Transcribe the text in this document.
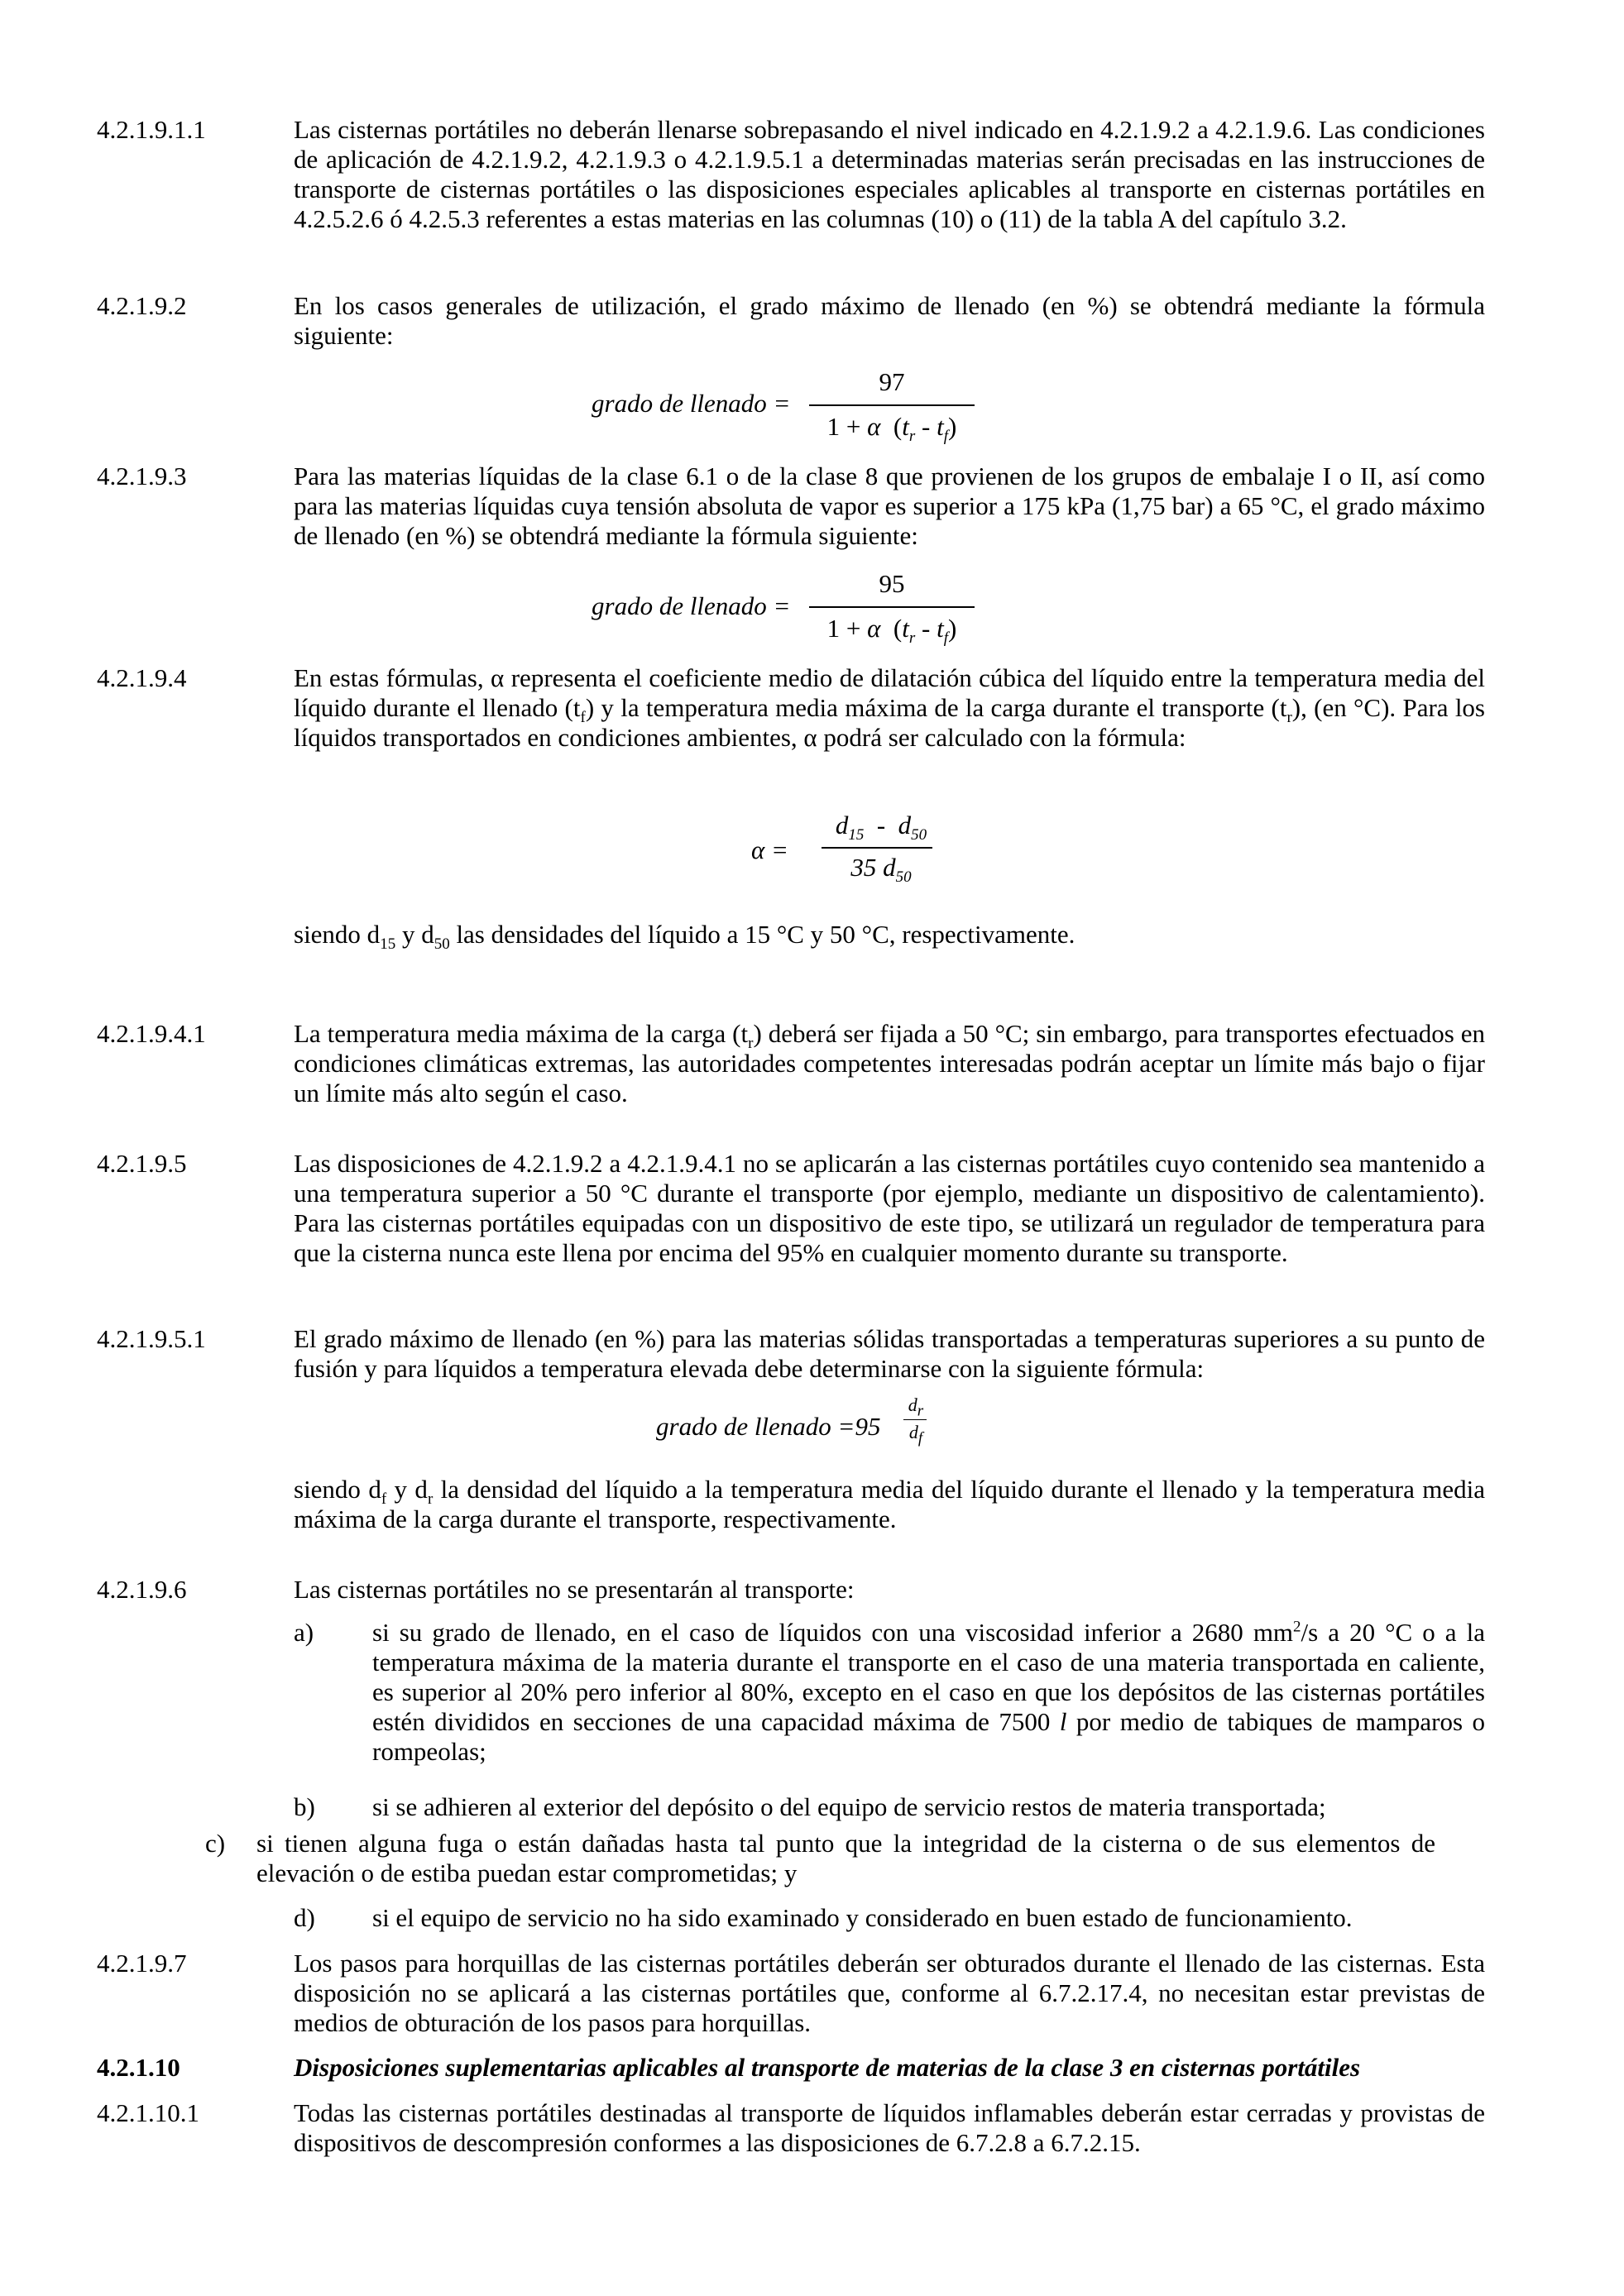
4.2.1.9.1.1	Las cisternas portátiles no deberán llenarse sobrepasando el nivel indicado en 4.2.1.9.2 a 4.2.1.9.6. Las condiciones de aplicación de 4.2.1.9.2, 4.2.1.9.3 o 4.2.1.9.5.1 a determinadas materias serán precisadas en las instrucciones de transporte de cisternas portátiles o las disposiciones especiales aplicables al transporte en cisternas portátiles en 4.2.5.2.6 ó 4.2.5.3 referentes a estas materias en las columnas (10) o (11) de la tabla A del capítulo 3.2.
4.2.1.9.2	En los casos generales de utilización, el grado máximo de llenado (en %) se obtendrá mediante la fórmula siguiente:
grado de llenado =
97
1 + α  $(t_r - t_f)$
4.2.1.9.3	Para las materias líquidas de la clase 6.1 o de la clase 8 que provienen de los grupos de embalaje I o II, así como para las materias líquidas cuya tensión absoluta de vapor es superior a 175 kPa (1,75 bar) a 65 °C, el grado máximo de llenado (en %) se obtendrá mediante la fórmula siguiente:
grado de llenado =
95
1 + α  $(t_r - t_f)$
4.2.1.9.4	En estas fórmulas, α representa el coeficiente medio de dilatación cúbica del líquido entre la temperatura media del líquido durante el llenado $(t_f)$ y la temperatura media máxima de la carga durante el transporte $(t_r)$, (en °C). Para los líquidos transportados en condiciones ambientes, α podrá ser calculado con la fórmula:
α =
$d_{15} - d_{50}$
35 $d_{50}$
siendo $d_{15}$ y $d_{50}$ las densidades del líquido a 15 °C y 50 °C, respectivamente.
4.2.1.9.4.1	La temperatura media máxima de la carga $(t_r)$ deberá ser fijada a 50 °C; sin embargo, para transportes efectuados en condiciones climáticas extremas, las autoridades competentes interesadas podrán aceptar un límite más bajo o fijar un límite más alto según el caso.
4.2.1.9.5	Las disposiciones de 4.2.1.9.2 a 4.2.1.9.4.1 no se aplicarán a las cisternas portátiles cuyo contenido sea mantenido a una temperatura superior a 50 °C durante el transporte (por ejemplo, mediante un dispositivo de calentamiento). Para las cisternas portátiles equipadas con un dispositivo de este tipo, se utilizará un regulador de temperatura para que la cisterna nunca este llena por encima del 95% en cualquier momento durante su transporte.
4.2.1.9.5.1	El grado máximo de llenado (en %) para las materias sólidas transportadas a temperaturas superiores a su punto de fusión y para líquidos a temperatura elevada debe determinarse con la siguiente fórmula:
grado de llenado =95
$d_r$
$d_f$
siendo $d_f$ y $d_r$ la densidad del líquido a la temperatura media del líquido durante el llenado y la temperatura media máxima de la carga durante el transporte, respectivamente.
4.2.1.9.6	Las cisternas portátiles no se presentarán al transporte:
a) si su grado de llenado, en el caso de líquidos con una viscosidad inferior a 2680 $mm^2/s$ a 20 °C o a la temperatura máxima de la materia durante el transporte en el caso de una materia transportada en caliente, es superior al 20% pero inferior al 80%, excepto en el caso en que los depósitos de las cisternas portátiles estén divididos en secciones de una capacidad máxima de 7500 l por medio de tabiques de mamparos o rompeolas;
b) si se adhieren al exterior del depósito o del equipo de servicio restos de materia transportada;
c) si tienen alguna fuga o están dañadas hasta tal punto que la integridad de la cisterna o de sus elementos de elevación o de estiba puedan estar comprometidas; y
d) si el equipo de servicio no ha sido examinado y considerado en buen estado de funcionamiento.
4.2.1.9.7	Los pasos para horquillas de las cisternas portátiles deberán ser obturados durante el llenado de las cisternas. Esta disposición no se aplicará a las cisternas portátiles que, conforme al 6.7.2.17.4, no necesitan estar previstas de medios de obturación de los pasos para horquillas.
4.2.1.10	Disposiciones suplementarias aplicables al transporte de materias de la clase 3 en cisternas portátiles
4.2.1.10.1	Todas las cisternas portátiles destinadas al transporte de líquidos inflamables deberán estar cerradas y provistas de dispositivos de descompresión conformes a las disposiciones de 6.7.2.8 a 6.7.2.15.
